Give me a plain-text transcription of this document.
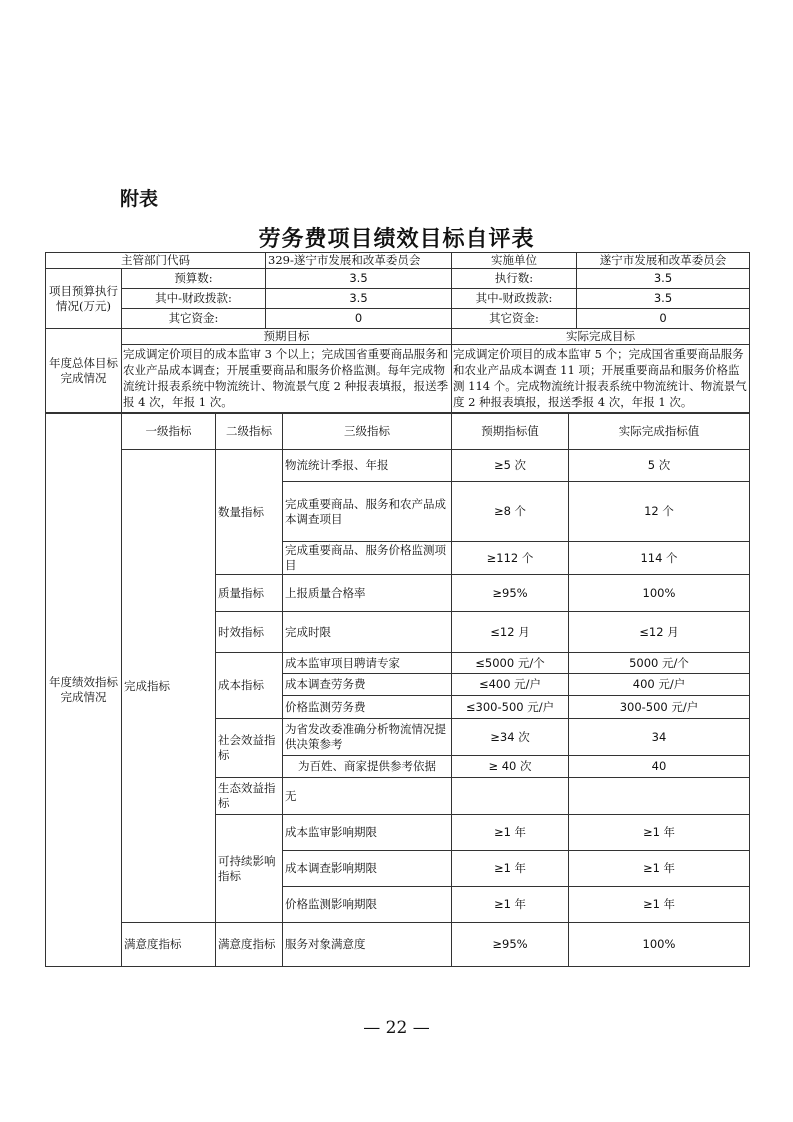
附表
劳务费项目绩效目标自评表
主管部门代码		329-遂宁市发展和改革委员会	实施单位	遂宁市发展和改革委员会
项目预算执行情况(万元)	预算数:	3.5	执行数:	3.5
	其中-财政拨款:	3.5	其中-财政拨款:	3.5
	其它资金:	0	其它资金:	0
年度总体目标完成情况	预期目标		实际完成目标	
	完成调定价项目的成本监审 3 个以上；完成国省重要商品服务和农业产品成本调查；开展重要商品和服务价格监测。每年完成物流统计报表系统中物流统计、物流景气度 2 种报表填报，报送季报 4 次，年报 1 次。		完成调定价项目的成本监审 5 个；完成国省重要商品服务和农业产品成本调查 11 项；开展重要商品和服务价格监测 114 个。完成物流统计报表系统中物流统计、物流景气度 2 种报表填报，报送季报 4 次，年报 1 次。	
年度绩效指标完成情况	一级指标	二级指标	三级指标	预期指标值	实际完成指标值
	完成指标	数量指标	物流统计季报、年报	≥5 次	5 次
			完成重要商品、服务和农产品成本调查项目	≥8 个	12 个
			完成重要商品、服务价格监测项目	≥112 个	114 个
		质量指标	上报质量合格率	≥95%	100%
		时效指标	完成时限	≤12 月	≤12 月
		成本指标	成本监审项目聘请专家	≤5000 元/个	5000 元/个
			成本调查劳务费	≤400 元/户	400 元/户
			价格监测劳务费	≤300-500 元/户	300-500 元/户
		社会效益指标	为省发改委准确分析物流情况提供决策参考	≥34 次	34
			为百姓、商家提供参考依据	≥ 40 次	40
		生态效益指标	无		
		可持续影响指标	成本监审影响期限	≥1 年	≥1 年
			成本调查影响期限	≥1 年	≥1 年
			价格监测影响期限	≥1 年	≥1 年
	满意度指标	满意度指标	服务对象满意度	≥95%	100%
— 22 —
